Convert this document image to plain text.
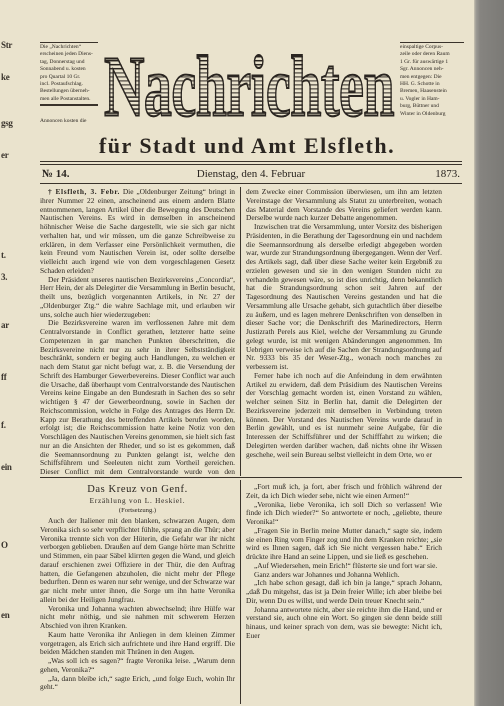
Str
ke
gsg
er
t.
3.
ar
ff
f.
ein
O
en
Die „Nachrichten“
erscheinen jeden Diens-
tag, Donnerstag und
Sonnabend u. kosten
pro Quartal 10 Gr.
incl. Postaufschlag.
Bestellungen überneh-
men alle Postanstalten.
Annoncen kosten die Nachrichten	einspaltige Corpus-
zeile oder deren Raum
1 Gr. für auswärtige 1
Sgr. Annoncen neh-
men entgegen: Die
HH. G. Schotte in
Bremen, Haasenstein
u. Vogler in Ham-
burg, Büttner und
Winter in Oldenburg
für Stadt und Amt Elsfleth.
№ 14.	Dienstag, den 4. Februar	1873.

† Elsfleth, 3. Febr. Die „Oldenburger Zeitung“ bringt in ihrer Nummer 22 einen, anscheinend aus einem andern Blatte entnommenen, langen Artikel über die Bewegung des Deutschen Nautischen Vereins. Es wird in demselben in anscheinend höhnischer Weise die Sache dargestellt, wie sie sich gar nicht verhalten hat, und wir müssen, um die ganze Schreibweise zu erklären, in dem Verfasser eine Persönlichkeit vermuthen, die kein Freund vom Nautischen Verein ist, oder sollte derselbe vielleicht auch irgend wie von dem vorgeschlagenen Gesetz Schaden erleiden?

Der Präsident unseres nautischen Bezirksvereins „Concordia“, Herr Hein, der als Delegirter die Versammlung in Berlin besucht, theilt uns, bezüglich vorgenannten Artikels, in Nr. 27 der „Oldenburger Ztg.“ die wahre Sachlage mit, und erlauben wir uns, solche auch hier wiederzugeben:

Die Bezirksvereine waren im verflossenen Jahre mit dem Centralvorstande in Conflict gerathen, letzterer hatte seine Competenzen in gar manchen Punkten überschritten, die Bezirksvereine nicht nur zu sehr in ihrer Selbstständigkeit beschränkt, sondern er beging auch Handlungen, zu welchen er nach dem Statut gar nicht befugt war, z. B. die Versendung der Schrift des Hamburger Gewerbevereins. Dieser Conflict war auch die Ursache, daß überhaupt vom Centralvorstande des Nautischen Vereins keine Eingabe an den Bundesrath in Sachen des so sehr wichtigen § 47 der Gewerbeordnung, sowie in Sachen der Reichscommission, welche in Folge des Antrages des Herrn Dr. Kapp zur Berathung des betreffenden Artikels berufen worden, erfolgt ist; die Reichscommission hatte keine Notiz von den Vorschlägen des Nautischen Vereins genommen, sie hielt sich fast nur an die Ansichten der Rheder, und so ist es gekommen, daß die Seemannsordnung zu Punkten gelangt ist, welche den Schiffsführern und Seeleuten nicht zum Vortheil gereichen. Dieser Conflict mit dem Centralvorstande wurde von den

dem Zwecke einer Commission überwiesen, um ihn am letzten Vereinstage der Versammlung als Statut zu unterbreiten, wonach das Material dem Vorstande des Vereins geliefert werden kann. Derselbe wurde nach kurzer Debatte angenommen.

Inzwischen trat die Versammlung, unter Vorsitz des bisherigen Präsidenten, in die Berathung der Tagesordnung ein und nachdem die Seemannsordnung als derselbe erledigt abgegeben worden war, wurde zur Strandungsordnung übergegangen. Wenn der Verf. des Artikels sagt, daß über diese Sache weiter kein Ergebniß zu erzielen gewesen und sie in den wenigen Stunden nicht zu verhandeln gewesen wäre, so ist dies unrichtig, denn bekanntlich hat die Strandungsordnung schon seit Jahren auf der Tagesordnung des Nautischen Vereins gestanden und hat die Versammlung alle Ursache gehabt, sich gutachtlich über dieselbe zu äußern, und es lagen mehrere Denkschriften von denselben in dieser Sache vor; die Denkschrift des Marinedirectors, Herrn Justizrath Perels aus Kiel, welche der Versammlung zu Grunde gelegt wurde, ist mit wenigen Abänderungen angenommen. Im Uebrigen verweise ich auf die Sachen der Strandungsordnung auf Nr. 9333 bis 35 der Weser-Ztg., wonach noch manches zu verbessern ist.

Ferner habe ich noch auf die Anfeindung in dem erwähnten Artikel zu erwidern, daß dem Präsidium des Nautischen Vereins der Vorschlag gemacht worden ist, einen Vorstand zu wählen, welcher seinen Sitz in Berlin hat, damit die Delegirten der Bezirksvereine jederzeit mit demselben in Verbindung treten können. Der Vorstand des Nautischen Vereins wurde darauf in Berlin gewählt, und es ist nunmehr seine Aufgabe, für die Interessen der Schiffsführer und der Schifffahrt zu wirken; die Delegirten werden darüber wachen, daß nichts ohne ihr Wissen geschehe, weil sein Bureau selbst vielleicht in dem Orte, wo er

Das Kreuz von Genf.

Erzählung von L. Heskiel.

(Fortsetzung.)

Auch der Italiener mit den blanken, schwarzen Augen, dem Veronika sich so sehr verpflichtet fühlte, sprang an die Thür; aber Veronika trennte sich von der Hüterin, die Gefahr war ihr nicht verborgen geblieben. Draußen auf dem Gange hörte man Schritte und Stimmen, ein paar Säbel klirrten gegen die Wand, und gleich darauf erschienen zwei Offiziere in der Thür, die den Auftrag hatten, die Gefangenen abzuholen, die nicht mehr der Pflege bedurften. Denn es waren nur sehr wenige, und der Schwarze war gar nicht mehr unter ihnen, die Sorge um ihn hatte Veronika allein bei der Heiligen Jungfrau.

Veronika und Johanna wachten abwechselnd; ihre Hülfe war nicht mehr nöthig, und sie nahmen mit schwerem Herzen Abschied von ihren Kranken.

Kaum hatte Veronika ihr Anliegen in dem kleinen Zimmer vorgetragen, als Erich sich aufrichtete und ihre Hand ergriff. Die beiden Mädchen standen mit Thränen in den Augen.

„Was soll ich es sagen?“ fragte Veronika leise. „Warum denn gehen, Veronika?“

„Ja, dann bleibe ich,“ sagte Erich, „und folge Euch, wohin Ihr geht.“

„Fort muß ich, ja fort, aber frisch und fröhlich während der Zeit, da ich Dich wieder sehe, nicht wie einen Armen!“

„Veronika, liebe Veronika, ich soll Dich so verlassen! Wie finde ich Dich wieder?“ So antwortete er noch, „geliebte, theure Veronika!“

„Fragen Sie in Berlin meine Mutter danach,“ sagte sie, indem sie einen Ring vom Finger zog und ihn dem Kranken reichte; „sie wird es Ihnen sagen, daß ich Sie nicht vergessen habe.“ Erich drückte ihre Hand an seine Lippen, und sie ließ es geschehen.

„Auf Wiedersehen, mein Erich!“ flüsterte sie und fort war sie.

Ganz anders war Johannes und Johanna Wehlich.

„Ich habe schon gesagt, daß ich bin ja lange,“ sprach Johann, „daß Du mitgehst, das ist ja Dein freier Wille; ich aber bleibe bei Dir, wenn Du es willst, und werde Dein treuer Knecht sein.“

Johanna antwortete nicht, aber sie reichte ihm die Hand, und er verstand sie, auch ohne ein Wort. So gingen sie denn beide still hinaus, und keiner sprach von dem, was sie bewegte: Nicht ich, Euer
